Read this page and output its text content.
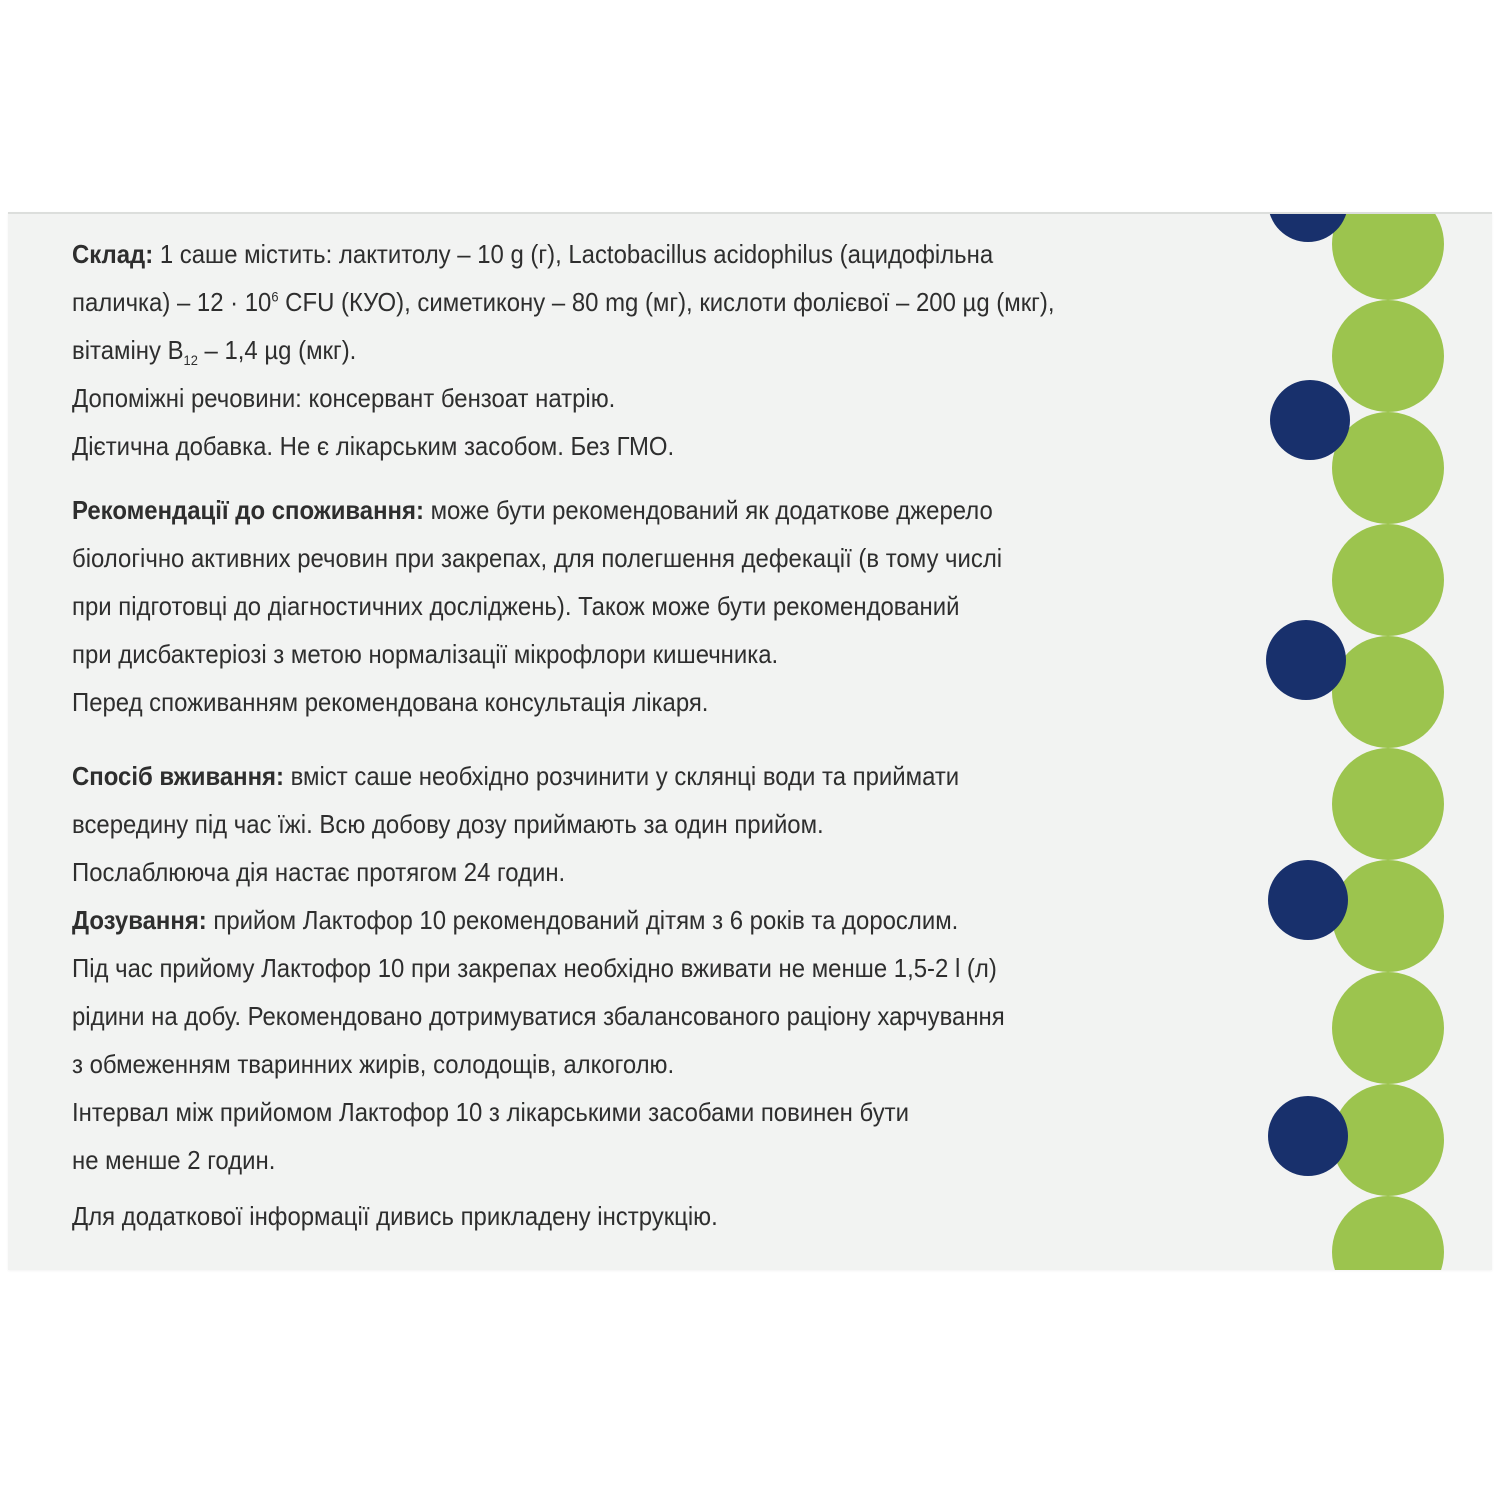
Склад: 1 саше містить: лактитолу – 10 g (г), Lactobacillus acidophilus (ацидофільна
паличка) – $12 \cdot 10^6$ CFU (КУО), симетикону – 80 mg (мг), кислоти фолієвої – 200 µg (мкг),
вітаміну $B_{12} - 1,4$ µg (мкг).
Допоміжні речовини: консервант бензоат натрію.
Дієтична добавка. Не є лікарським засобом. Без ГМО.
Рекомендації до споживання: може бути рекомендований як додаткове джерело
біологічно активних речовин при закрепах, для полегшення дефекації (в тому числі
при підготовці до діагностичних досліджень). Також може бути рекомендований
при дисбактеріозі з метою нормалізації мікрофлори кишечника.
Перед споживанням рекомендована консультація лікаря.
Спосіб вживання: вміст саше необхідно розчинити у склянці води та приймати
всередину під час їжі. Всю добову дозу приймають за один прийом.
Послаблююча дія настає протягом 24 годин.
Дозування: прийом Лактофор 10 рекомендований дітям з 6 років та дорослим.
Під час прийому Лактофор 10 при закрепах необхідно вживати не менше 1,5-2 l (л)
рідини на добу. Рекомендовано дотримуватися збалансованого раціону харчування
з обмеженням тваринних жирів, солодощів, алкоголю.
Інтервал між прийомом Лактофор 10 з лікарськими засобами повинен бути
не менше 2 годин.
Для додаткової інформації дивись прикладену інструкцію.
